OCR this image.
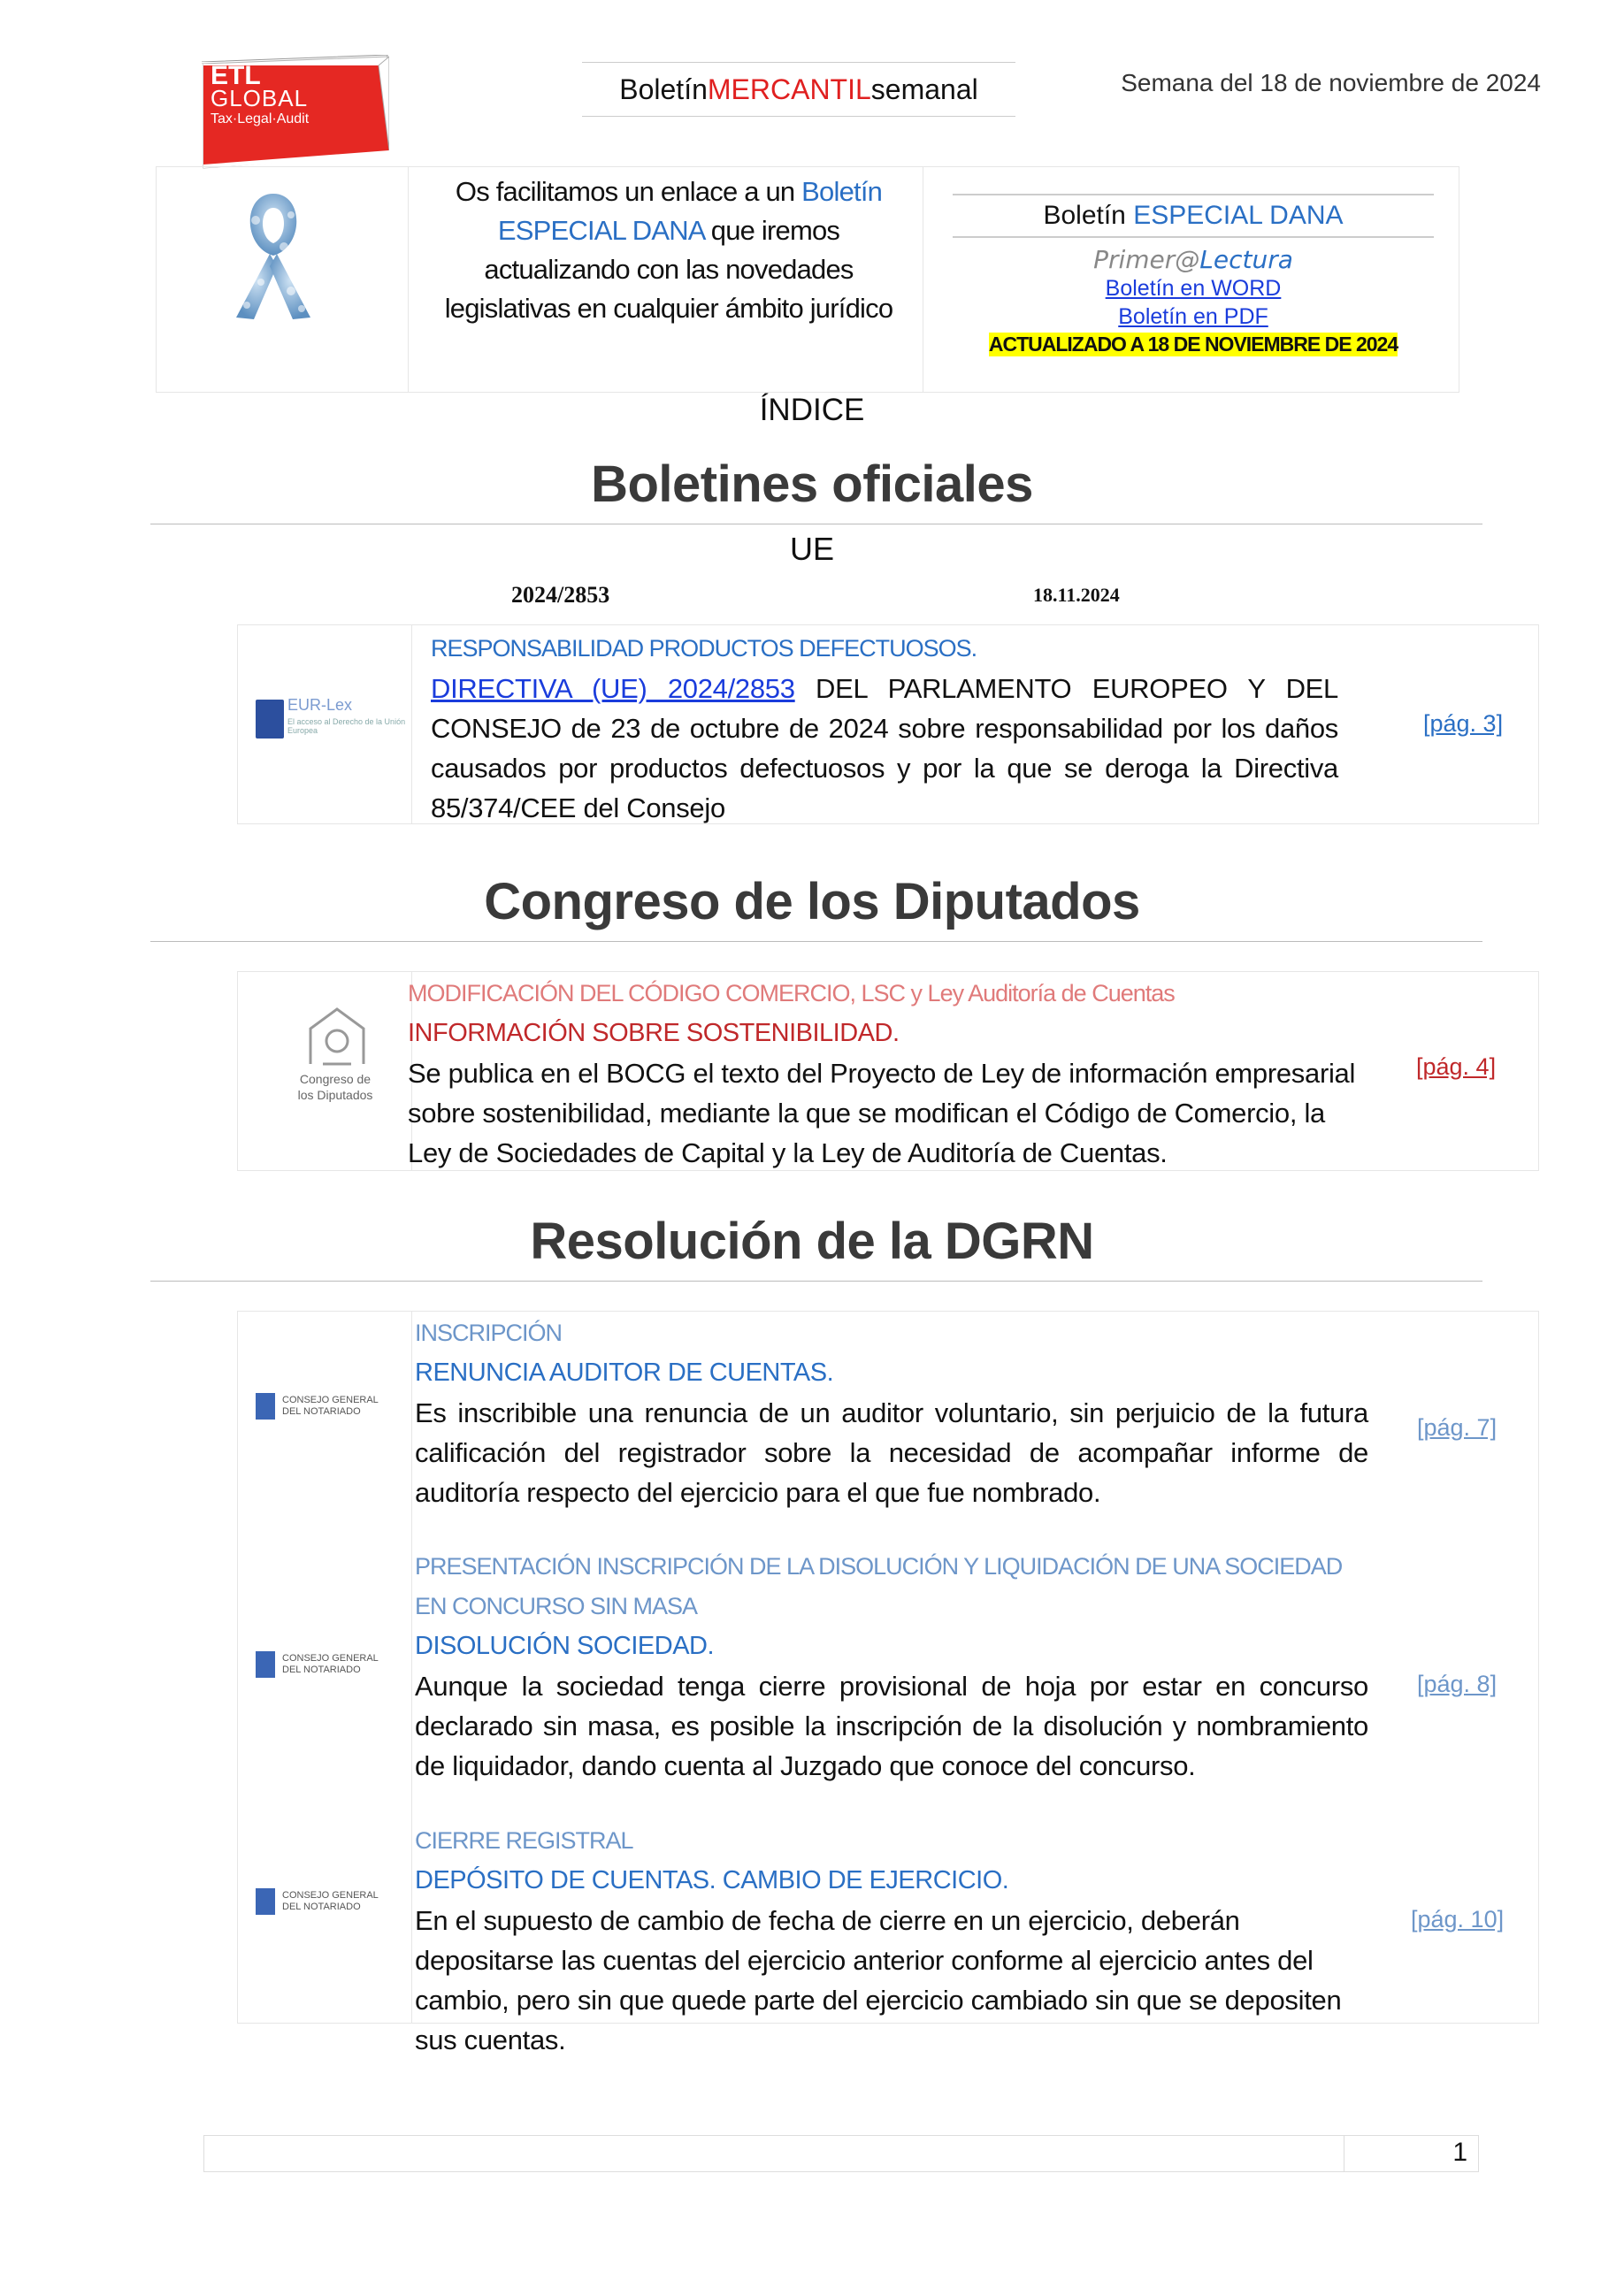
ETL
GLOBAL
Tax·Legal·Audit
Boletín MERCANTIL semanal	Semana del 18 de noviembre de 2024
Os facilitamos un enlace a un Boletín ESPECIAL DANA que iremos actualizando con las novedades legislativas en cualquier ámbito jurídico
Boletín ESPECIAL DANA
Primer@Lectura
Boletín en WORD
Boletín en PDF
ACTUALIZADO A 18 DE NOVIEMBRE DE 2024
ÍNDICE
Boletines oficiales
UE
2024/2853	18.11.2024
EUR-Lex
El acceso al Derecho de la Unión Europea
RESPONSABILIDAD PRODUCTOS DEFECTUOSOS.
DIRECTIVA (UE) 2024/2853 DEL PARLAMENTO EUROPEO Y DEL CONSEJO de 23 de octubre de 2024 sobre responsabilidad por los daños causados por productos defectuosos y por la que se deroga la Directiva 85/374/CEE del Consejo
[pág. 3]
Congreso de los Diputados
Congreso de los Diputados
MODIFICACIÓN DEL CÓDIGO COMERCIO, LSC y Ley Auditoría de Cuentas
INFORMACIÓN SOBRE SOSTENIBILIDAD.
Se publica en el BOCG el texto del Proyecto de Ley de información empresarial sobre sostenibilidad, mediante la que se modifican el Código de Comercio, la Ley de Sociedades de Capital y la Ley de Auditoría de Cuentas.
[pág. 4]
Resolución de la DGRN
CONSEJO GENERAL DEL NOTARIADO
INSCRIPCIÓN
RENUNCIA AUDITOR DE CUENTAS.
Es inscribible una renuncia de un auditor voluntario, sin perjuicio de la futura calificación del registrador sobre la necesidad de acompañar informe de auditoría respecto del ejercicio para el que fue nombrado.
[pág. 7]
CONSEJO GENERAL DEL NOTARIADO
PRESENTACIÓN INSCRIPCIÓN DE LA DISOLUCIÓN Y LIQUIDACIÓN DE UNA SOCIEDAD EN CONCURSO SIN MASA
DISOLUCIÓN SOCIEDAD.
Aunque la sociedad tenga cierre provisional de hoja por estar en concurso declarado sin masa, es posible la inscripción de la disolución y nombramiento de liquidador, dando cuenta al Juzgado que conoce del concurso.
[pág. 8]
CONSEJO GENERAL DEL NOTARIADO
CIERRE REGISTRAL
DEPÓSITO DE CUENTAS. CAMBIO DE EJERCICIO.
En el supuesto de cambio de fecha de cierre en un ejercicio, deberán depositarse las cuentas del ejercicio anterior conforme al ejercicio antes del cambio, pero sin que quede parte del ejercicio cambiado sin que se depositen sus cuentas.
[pág. 10]
1
